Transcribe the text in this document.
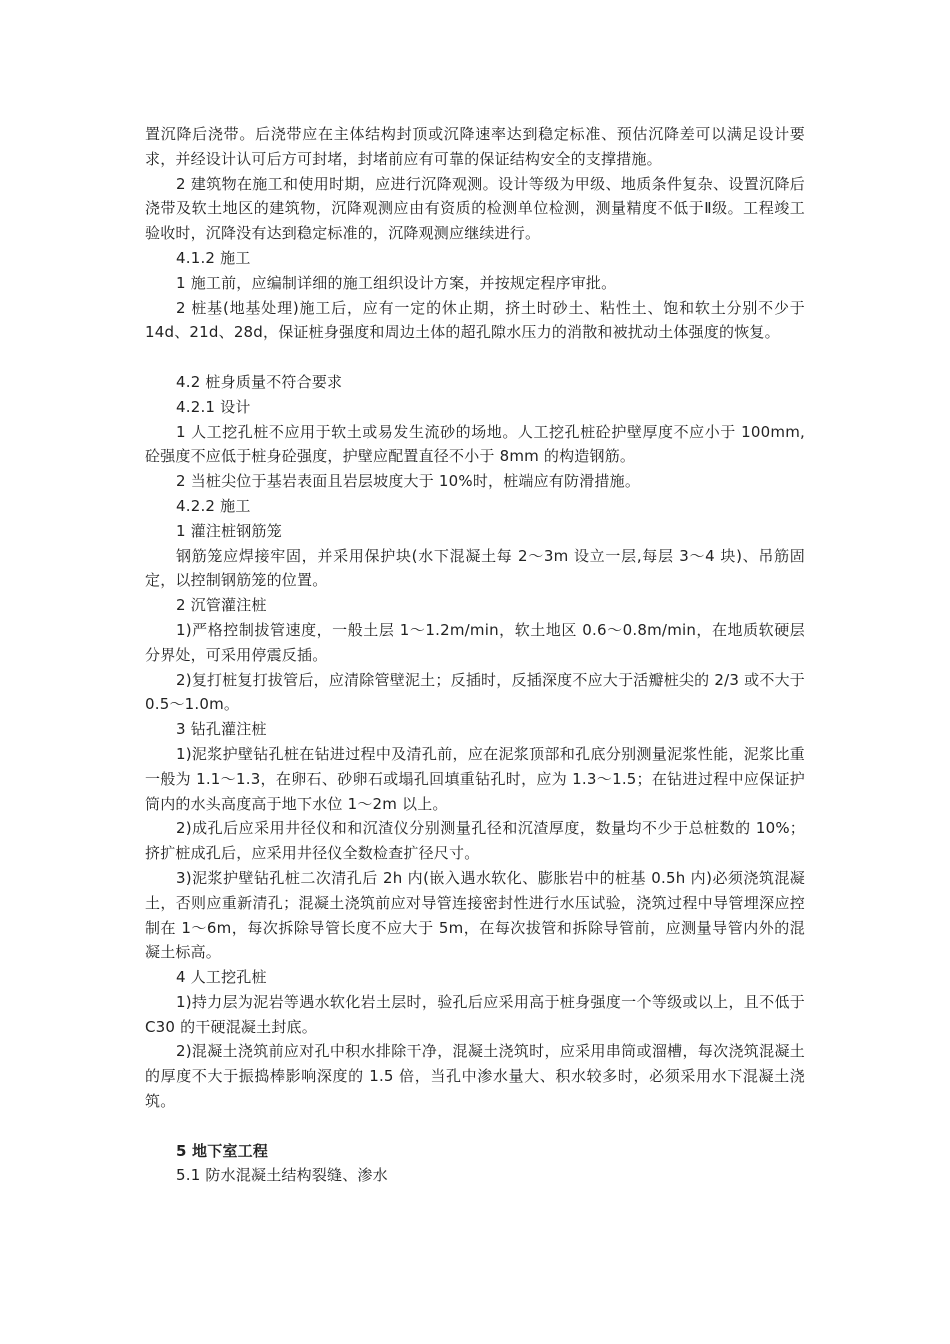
置沉降后浇带。后浇带应在主体结构封顶或沉降速率达到稳定标准、预估沉降差可以满足设计要求，并经设计认可后方可封堵，封堵前应有可靠的保证结构安全的支撑措施。

2 建筑物在施工和使用时期，应进行沉降观测。设计等级为甲级、地质条件复杂、设置沉降后浇带及软土地区的建筑物，沉降观测应由有资质的检测单位检测，测量精度不低于Ⅱ级。工程竣工验收时，沉降没有达到稳定标准的，沉降观测应继续进行。

4.1.2 施工

1 施工前，应编制详细的施工组织设计方案，并按规定程序审批。

2 桩基(地基处理)施工后，应有一定的休止期，挤土时砂土、粘性土、饱和软土分别不少于 14d、21d、28d，保证桩身强度和周边土体的超孔隙水压力的消散和被扰动土体强度的恢复。

4.2 桩身质量不符合要求

4.2.1 设计

1 人工挖孔桩不应用于软土或易发生流砂的场地。人工挖孔桩砼护壁厚度不应小于 100mm,砼强度不应低于桩身砼强度，护壁应配置直径不小于 8mm 的构造钢筋。

2 当桩尖位于基岩表面且岩层坡度大于 10%时，桩端应有防滑措施。

4.2.2 施工

1 灌注桩钢筋笼

钢筋笼应焊接牢固，并采用保护块(水下混凝土每 2～3m 设立一层,每层 3～4 块)、吊筋固定，以控制钢筋笼的位置。

2 沉管灌注桩

1)严格控制拔管速度，一般土层 1～1.2m/min，软土地区 0.6～0.8m/min，在地质软硬层分界处，可采用停震反插。

2)复打桩复打拔管后，应清除管壁泥土；反插时，反插深度不应大于活瓣桩尖的 2/3 或不大于 0.5～1.0m。

3 钻孔灌注桩

1)泥浆护壁钻孔桩在钻进过程中及清孔前，应在泥浆顶部和孔底分别测量泥浆性能，泥浆比重一般为 1.1～1.3，在卵石、砂卵石或塌孔回填重钻孔时，应为 1.3～1.5；在钻进过程中应保证护筒内的水头高度高于地下水位 1～2m 以上。

2)成孔后应采用井径仪和和沉渣仪分别测量孔径和沉渣厚度，数量均不少于总桩数的 10%；挤扩桩成孔后，应采用井径仪全数检查扩径尺寸。

3)泥浆护壁钻孔桩二次清孔后 2h 内(嵌入遇水软化、膨胀岩中的桩基 0.5h 内)必须浇筑混凝土，否则应重新清孔；混凝土浇筑前应对导管连接密封性进行水压试验，浇筑过程中导管埋深应控制在 1～6m，每次拆除导管长度不应大于 5m，在每次拔管和拆除导管前，应测量导管内外的混凝土标高。

4 人工挖孔桩

1)持力层为泥岩等遇水软化岩土层时，验孔后应采用高于桩身强度一个等级或以上，且不低于 C30 的干硬混凝土封底。

2)混凝土浇筑前应对孔中积水排除干净，混凝土浇筑时，应采用串筒或溜槽，每次浇筑混凝土的厚度不大于振捣棒影响深度的 1.5 倍，当孔中渗水量大、积水较多时，必须采用水下混凝土浇筑。

5 地下室工程

5.1 防水混凝土结构裂缝、渗水
